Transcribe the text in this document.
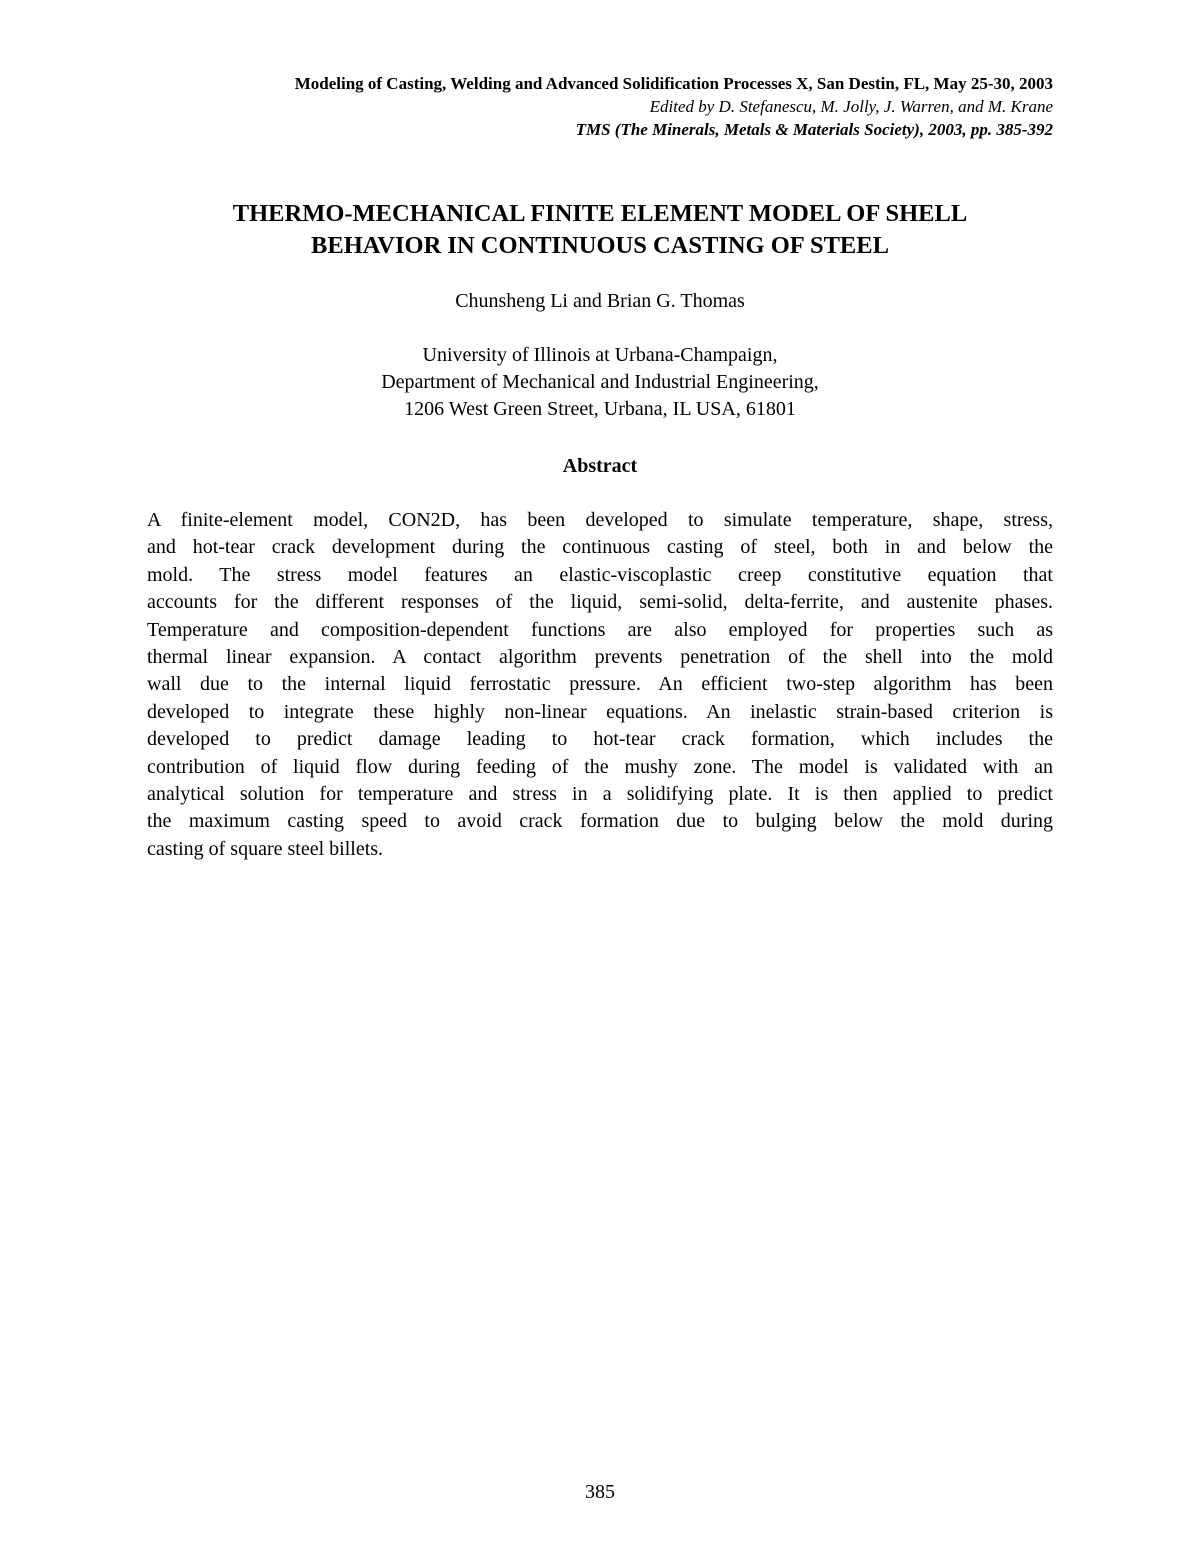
Modeling of Casting, Welding and Advanced Solidification Processes X, San Destin, FL, May 25-30, 2003
Edited by D. Stefanescu, M. Jolly, J. Warren, and M. Krane
TMS (The Minerals, Metals & Materials Society), 2003, pp. 385-392
THERMO-MECHANICAL FINITE ELEMENT MODEL OF SHELL
BEHAVIOR IN CONTINUOUS CASTING OF STEEL
Chunsheng Li and Brian G. Thomas
University of Illinois at Urbana-Champaign,
Department of Mechanical and Industrial Engineering,
1206 West Green Street, Urbana, IL USA, 61801
Abstract
A finite-element model, CON2D, has been developed to simulate temperature, shape, stress,
and hot-tear crack development during the continuous casting of steel, both in and below the
mold. The stress model features an elastic-viscoplastic creep constitutive equation that
accounts for the different responses of the liquid, semi-solid, delta-ferrite, and austenite phases.
Temperature and composition-dependent functions are also employed for properties such as
thermal linear expansion. A contact algorithm prevents penetration of the shell into the mold
wall due to the internal liquid ferrostatic pressure. An efficient two-step algorithm has been
developed to integrate these highly non-linear equations. An inelastic strain-based criterion is
developed to predict damage leading to hot-tear crack formation, which includes the
contribution of liquid flow during feeding of the mushy zone. The model is validated with an
analytical solution for temperature and stress in a solidifying plate. It is then applied to predict
the maximum casting speed to avoid crack formation due to bulging below the mold during
casting of square steel billets.
385
